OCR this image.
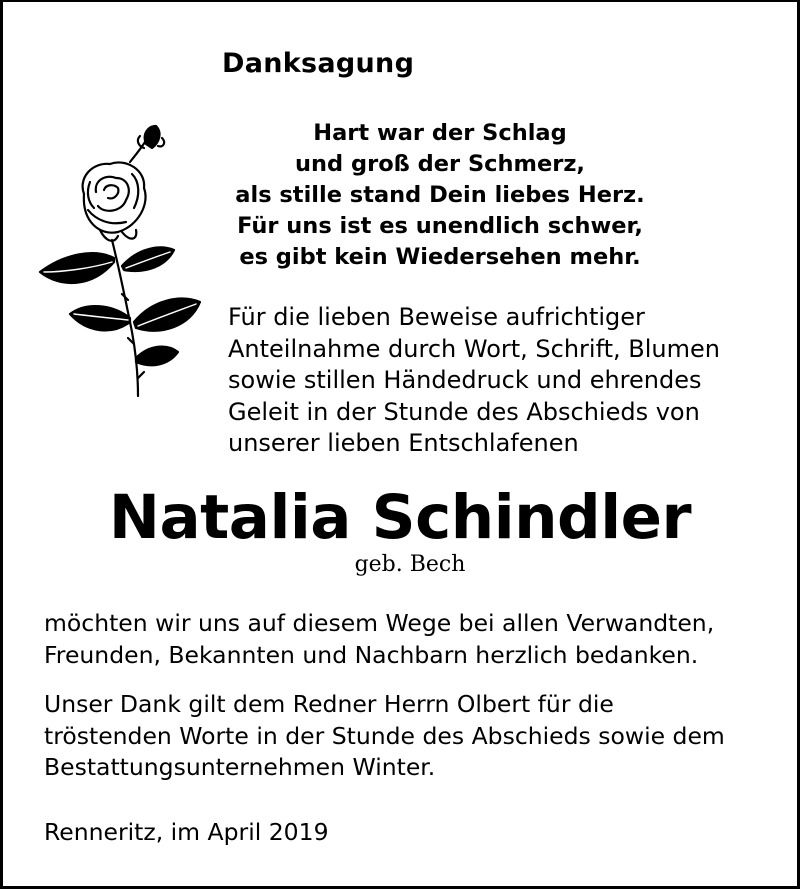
Danksagung
Hart war der Schlag
und groß der Schmerz,
als stille stand Dein liebes Herz.
Für uns ist es unendlich schwer,
es gibt kein Wiedersehen mehr.
Für die lieben Beweise aufrichtiger
Anteilnahme durch Wort, Schrift, Blumen
sowie stillen Händedruck und ehrendes
Geleit in der Stunde des Abschieds von
unserer lieben Entschlafenen
Natalia Schindler
geb. Bech
möchten wir uns auf diesem Wege bei allen Verwandten,
Freunden, Bekannten und Nachbarn herzlich bedanken.
Unser Dank gilt dem Redner Herrn Olbert für die
tröstenden Worte in der Stunde des Abschieds sowie dem
Bestattungsunternehmen Winter.
Renneritz, im April 2019
